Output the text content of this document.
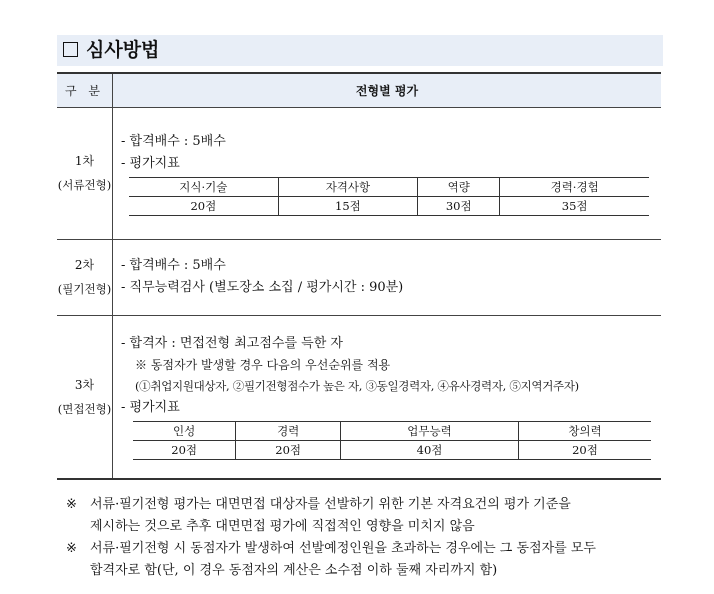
심사방법
구 분	전형별 평가

1차
(서류전형)

- 합격배수 : 5배수
- 평가지표
지식·기술	자격사항	역량	경력·경험
20점	15점	30점	35점

2차
(필기전형)

- 합격배수 : 5배수
- 직무능력검사 (별도장소 소집 / 평가시간 : 90분)

3차
(면접전형)

- 합격자 : 면접전형 최고점수를 득한 자
※ 동점자가 발생할 경우 다음의 우선순위를 적용
(①취업지원대상자, ②필기전형점수가 높은 자, ③동일경력자, ④유사경력자, ⑤지역거주자)
- 평가지표
인성	경력	업무능력	창의력
20점	20점	40점	20점
※	서류·필기전형 평가는 대면면접 대상자를 선발하기 위한 기본 자격요건의 평가 기준을
제시하는 것으로 추후 대면면접 평가에 직접적인 영향을 미치지 않음
※	서류·필기전형 시 동점자가 발생하여 선발예정인원을 초과하는 경우에는 그 동점자를 모두
합격자로 함(단, 이 경우 동점자의 계산은 소수점 이하 둘째 자리까지 함)
